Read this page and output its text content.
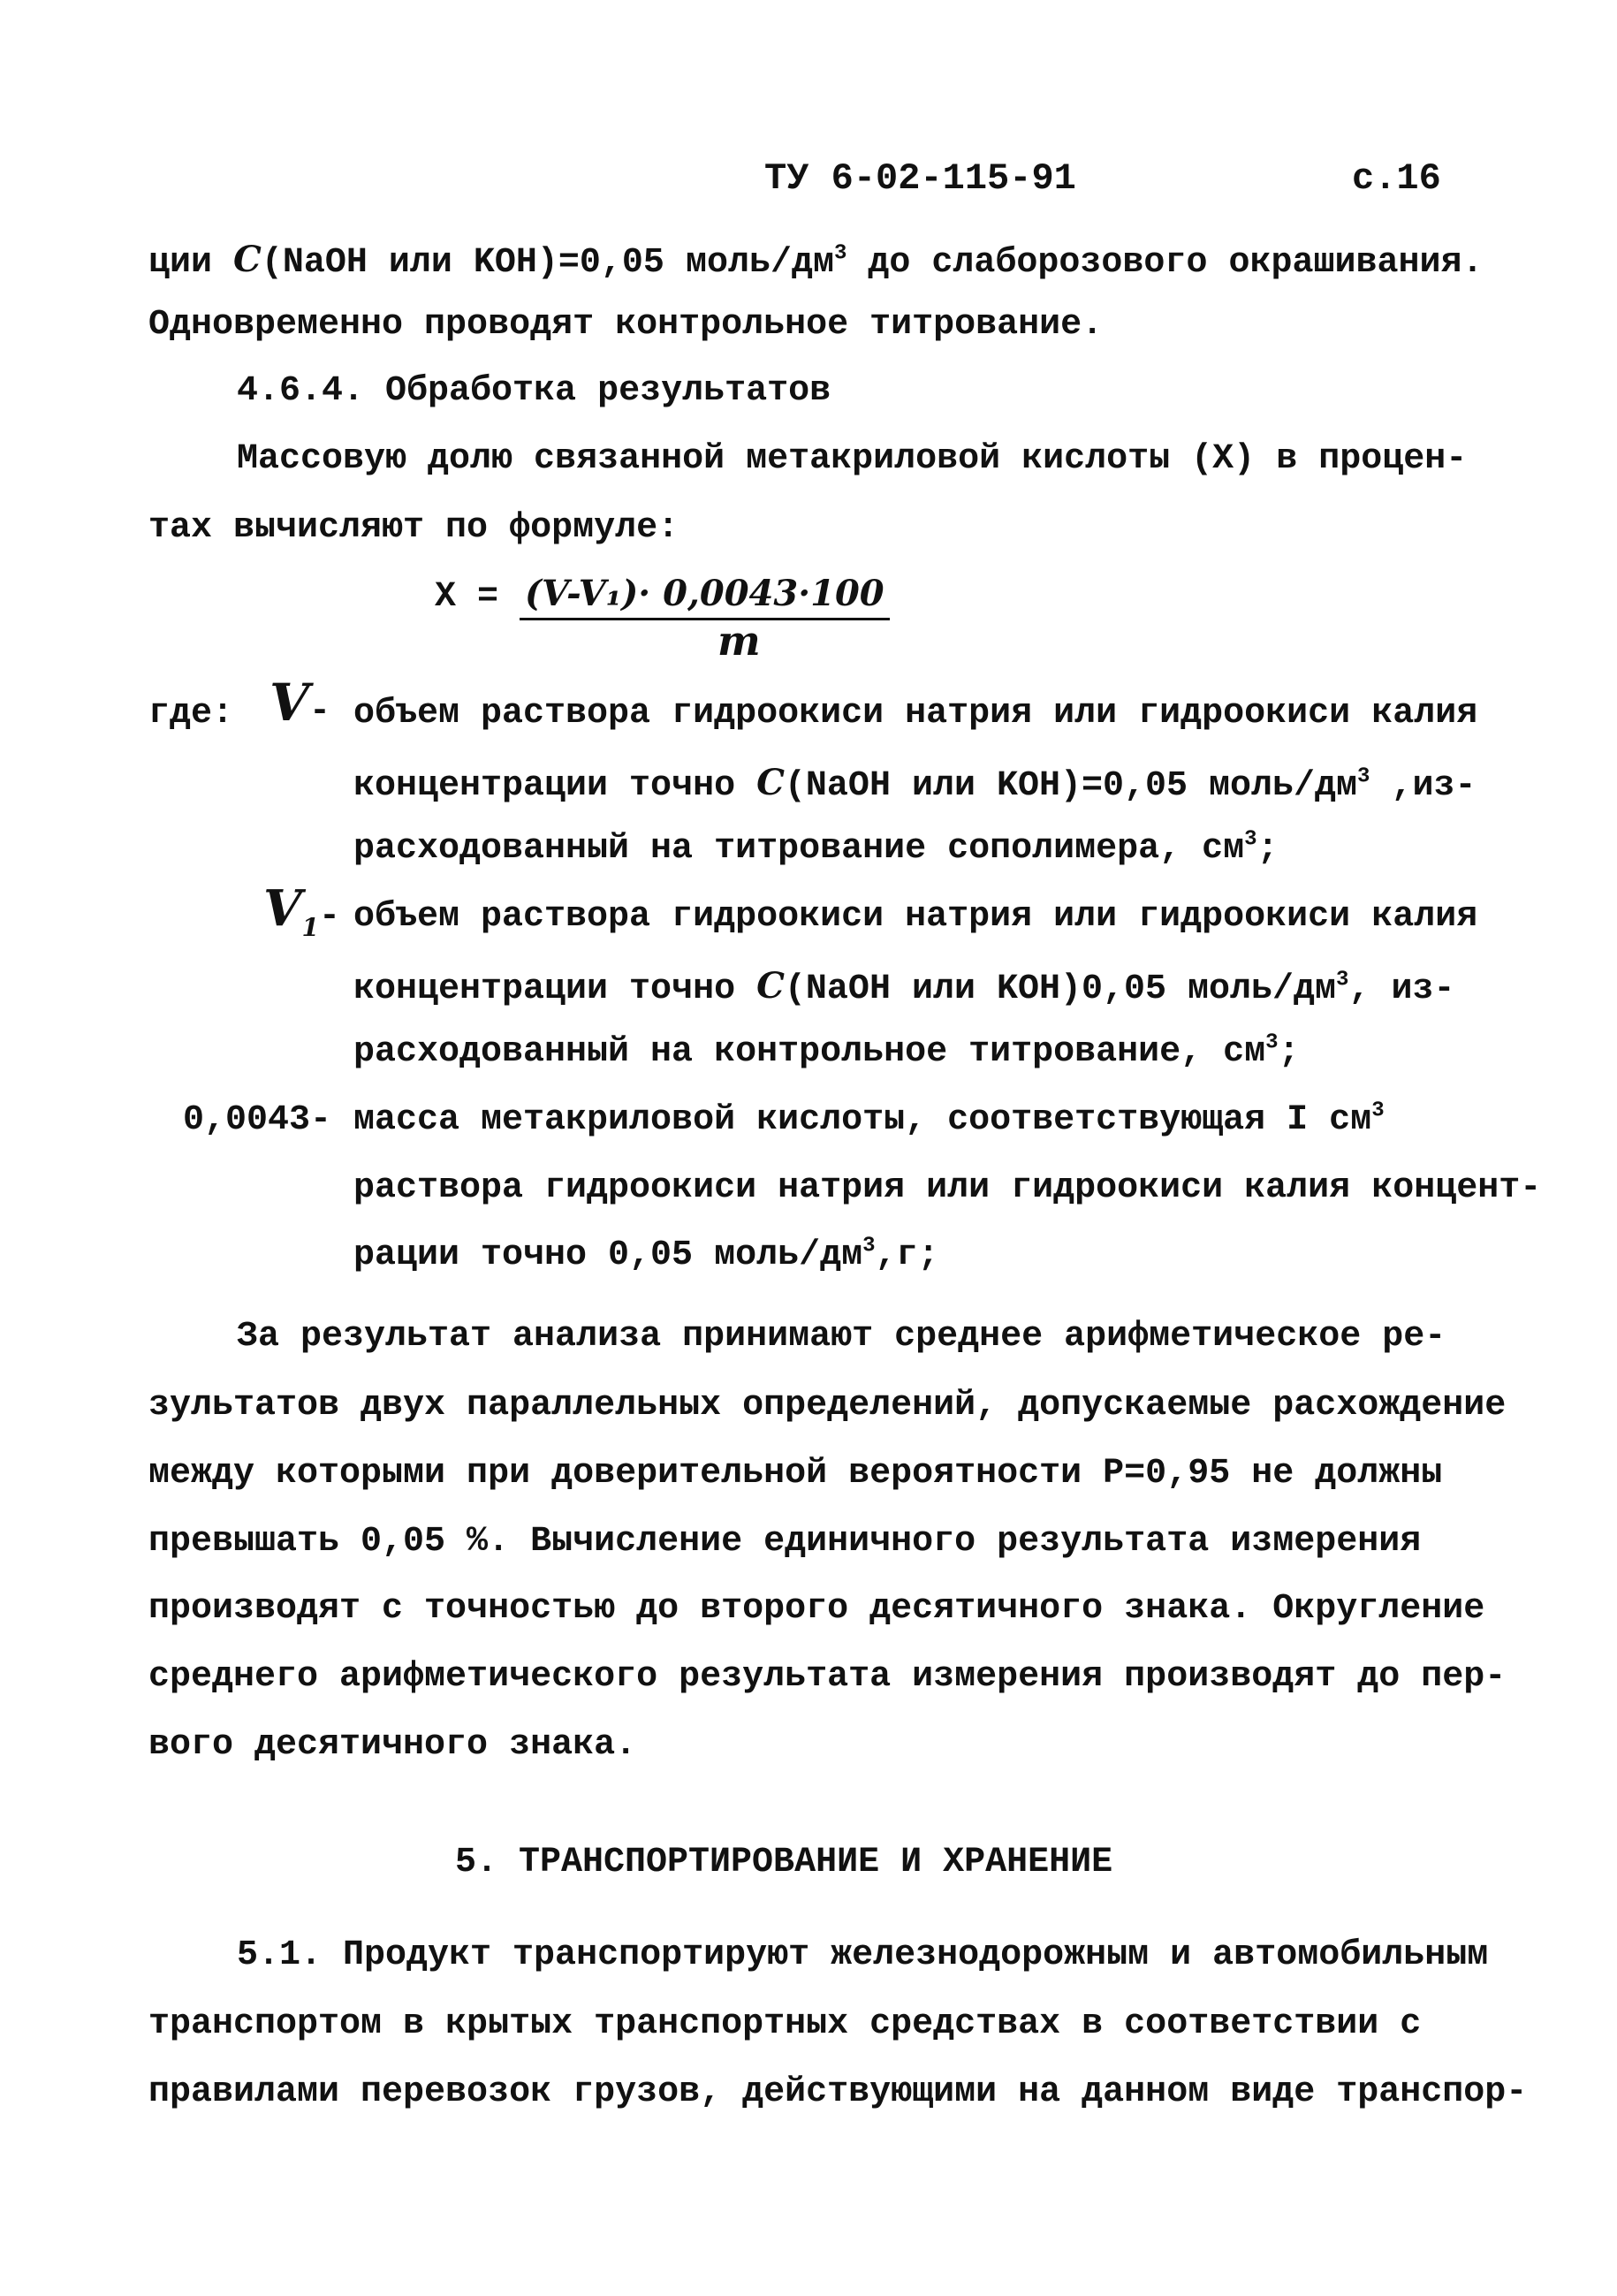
ТУ 6-02-115-91	с.16
ции C(NaOH или KOH)=0,05 моль/$дм^3$ до слаборозового окрашивания.
Одновременно проводят контрольное титрование.
4.6.4. Обработка результатов
Массовую долю связанной метакриловой кислоты (X) в процен-
тах вычисляют по формуле:
X = (V-V₁)· 0,0043·100
m
где: V- объем раствора гидроокиси натрия или гидроокиси калия
концентрации точно C(NaOH или KOH)=0,05 моль/$дм^3$ ,из-
расходованный на титрование сополимера, $см^3$;
$V_1-$ объем раствора гидроокиси натрия или гидроокиси калия
концентрации точно C(NaOH или KOH)0,05 моль/$дм^3$, из-
расходованный на контрольное титрование, $см^3$;
0,0043- масса метакриловой кислоты, соответствующая I $см^3$
раствора гидроокиси натрия или гидроокиси калия концент-
рации точно 0,05 моль/$дм^3,г$;
За результат анализа принимают среднее арифметическое ре-
зультатов двух параллельных определений, допускаемые расхождение
между которыми при доверительной вероятности P=0,95 не должны
превышать 0,05 %. Вычисление единичного результата измерения
производят с точностью до второго десятичного знака. Округление
среднего арифметического результата измерения производят до пер-
вого десятичного знака.
5. ТРАНСПОРТИРОВАНИЕ И ХРАНЕНИЕ
5.1. Продукт транспортируют железнодорожным и автомобильным
транспортом в крытых транспортных средствах в соответствии с
правилами перевозок грузов, действующими на данном виде транспор-
